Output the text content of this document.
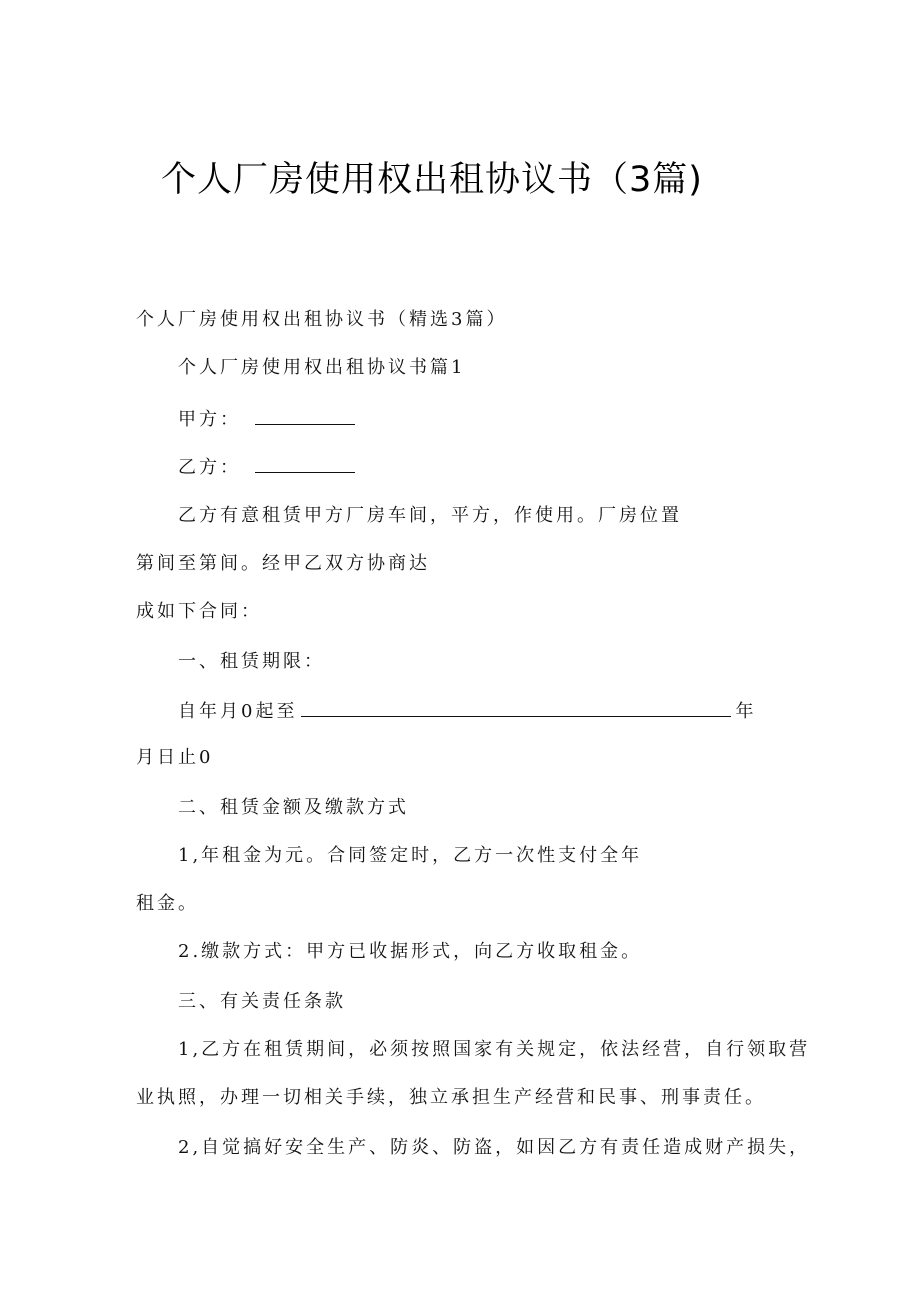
个人厂房使用权出租协议书（3篇)
个人厂房使用权出租协议书（精选3篇）
个人厂房使用权出租协议书篇1
甲方：
乙方：
乙方有意租赁甲方厂房车间，平方，作使用。厂房位置
第间至第间。经甲乙双方协商达
成如下合同：
一、租赁期限：
自年月0起至	年
月日止0
二、租赁金额及缴款方式
1,年租金为元。合同签定时，乙方一次性支付全年
租金。
2.缴款方式：甲方已收据形式，向乙方收取租金。
三、有关责任条款
1,乙方在租赁期间，必须按照国家有关规定，依法经营，自行领取营
业执照，办理一切相关手续，独立承担生产经营和民事、刑事责任。
2,自觉搞好安全生产、防炎、防盗，如因乙方有责任造成财产损失，
